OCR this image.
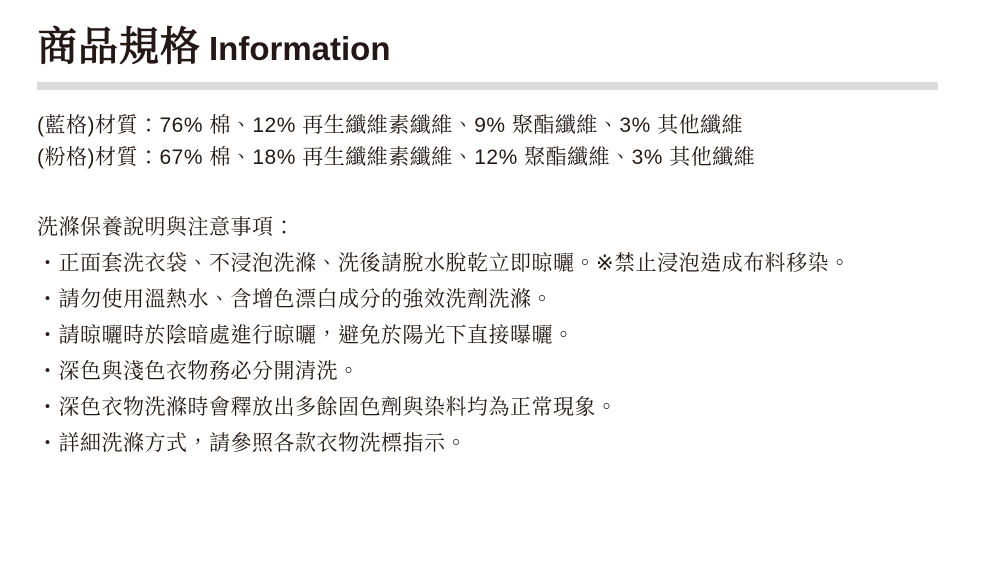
商品規格 Information

(藍格)材質：76% 棉、12% 再生纖維素纖維、9% 聚酯纖維、3% 其他纖維

(粉格)材質：67% 棉、18% 再生纖維素纖維、12% 聚酯纖維、3% 其他纖維

洗滌保養說明與注意事項：

・正面套洗衣袋、不浸泡洗滌、洗後請脫水脫乾立即晾曬。※禁止浸泡造成布料移染。
・請勿使用溫熱水、含增色漂白成分的強效洗劑洗滌。
・請晾曬時於陰暗處進行晾曬，避免於陽光下直接曝曬。
・深色與淺色衣物務必分開清洗。
・深色衣物洗滌時會釋放出多餘固色劑與染料均為正常現象。
・詳細洗滌方式，請參照各款衣物洗標指示。
